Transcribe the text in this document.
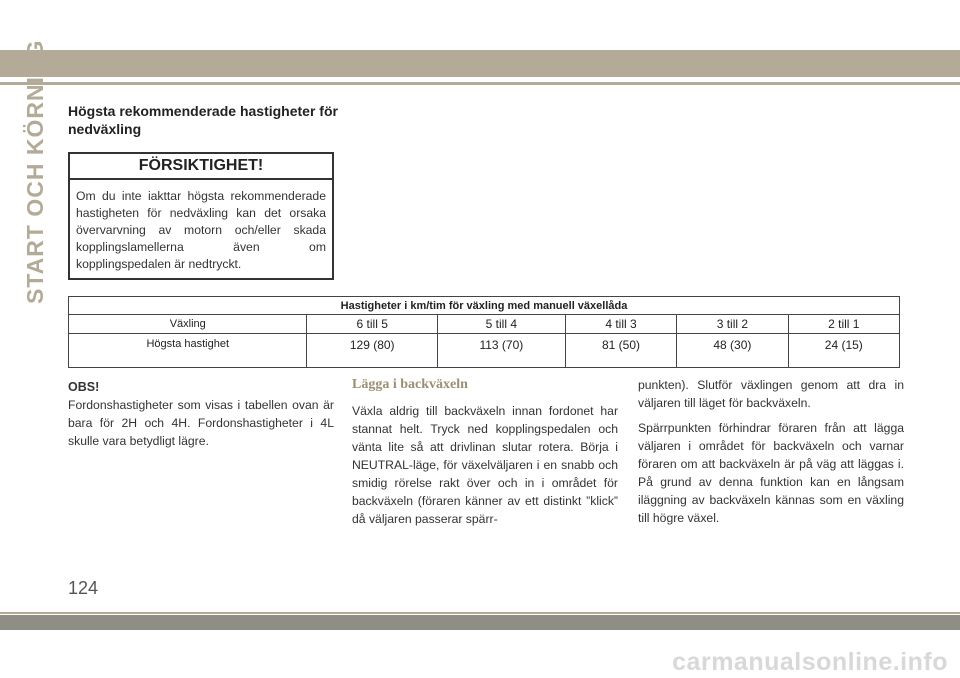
START OCH KÖRNING Högsta rekommenderade hastigheter för nedväxling
FÖRSIKTIGHET!
Om du inte iakttar högsta rekommenderade hastigheten för nedväxling kan det orsaka övervarvning av motorn och/eller skada kopplingslamellerna även om kopplingspedalen är nedtryckt.
Hastigheter i km/tim för växling med manuell växellåda					
Växling	6 till 5	5 till 4	4 till 3	3 till 2	2 till 1
Högsta hastighet	129 (80)	113 (70)	81 (50)	48 (30)	24 (15)
OBS!

Fordonshastigheter som visas i tabellen ovan är bara för 2H och 4H. Fordonshastigheter i 4L skulle vara betydligt lägre.

Lägga i backväxeln

Växla aldrig till backväxeln innan fordonet har stannat helt. Tryck ned kopplingspedalen och vänta lite så att drivlinan slutar rotera. Börja i NEUTRAL-läge, för växelväljaren i en snabb och smidig rörelse rakt över och in i området för backväxeln (föraren känner av ett distinkt ”klick” då väljaren passerar spärr-

punkten). Slutför växlingen genom att dra in väljaren till läget för backväxeln.

Spärrpunkten förhindrar föraren från att lägga väljaren i området för backväxeln och varnar föraren om att backväxeln är på väg att läggas i. På grund av denna funktion kan en långsam iläggning av backväxeln kännas som en växling till högre växel.

124
carmanualsonline.info
